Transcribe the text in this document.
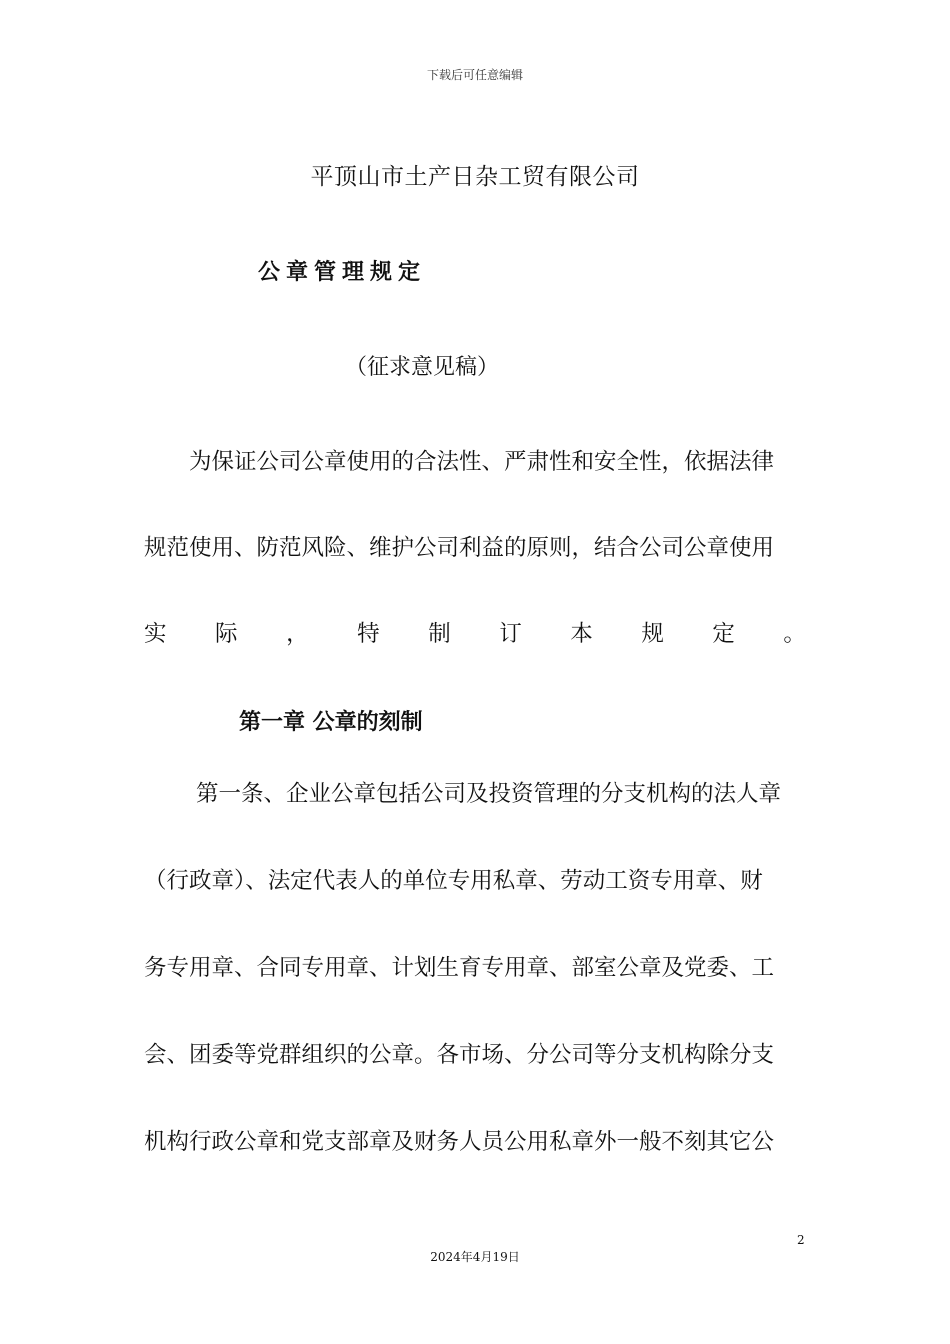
下载后可任意编辑
平顶山市土产日杂工贸有限公司
公章管理规定
（征求意见稿）
为保证公司公章使用的合法性、严肃性和安全性，依据法律
规范使用、防范风险、维护公司利益的原则，结合公司公章使用
实 际 ， 特 制 订 本 规 定 。
第一章 公章的刻制
第一条、企业公章包括公司及投资管理的分支机构的法人章
（行政章）、法定代表人的单位专用私章、劳动工资专用章、财
务专用章、合同专用章、计划生育专用章、部室公章及党委、工
会、团委等党群组织的公章。各市场、分公司等分支机构除分支
机构行政公章和党支部章及财务人员公用私章外一般不刻其它公
2
2024年4月19日
